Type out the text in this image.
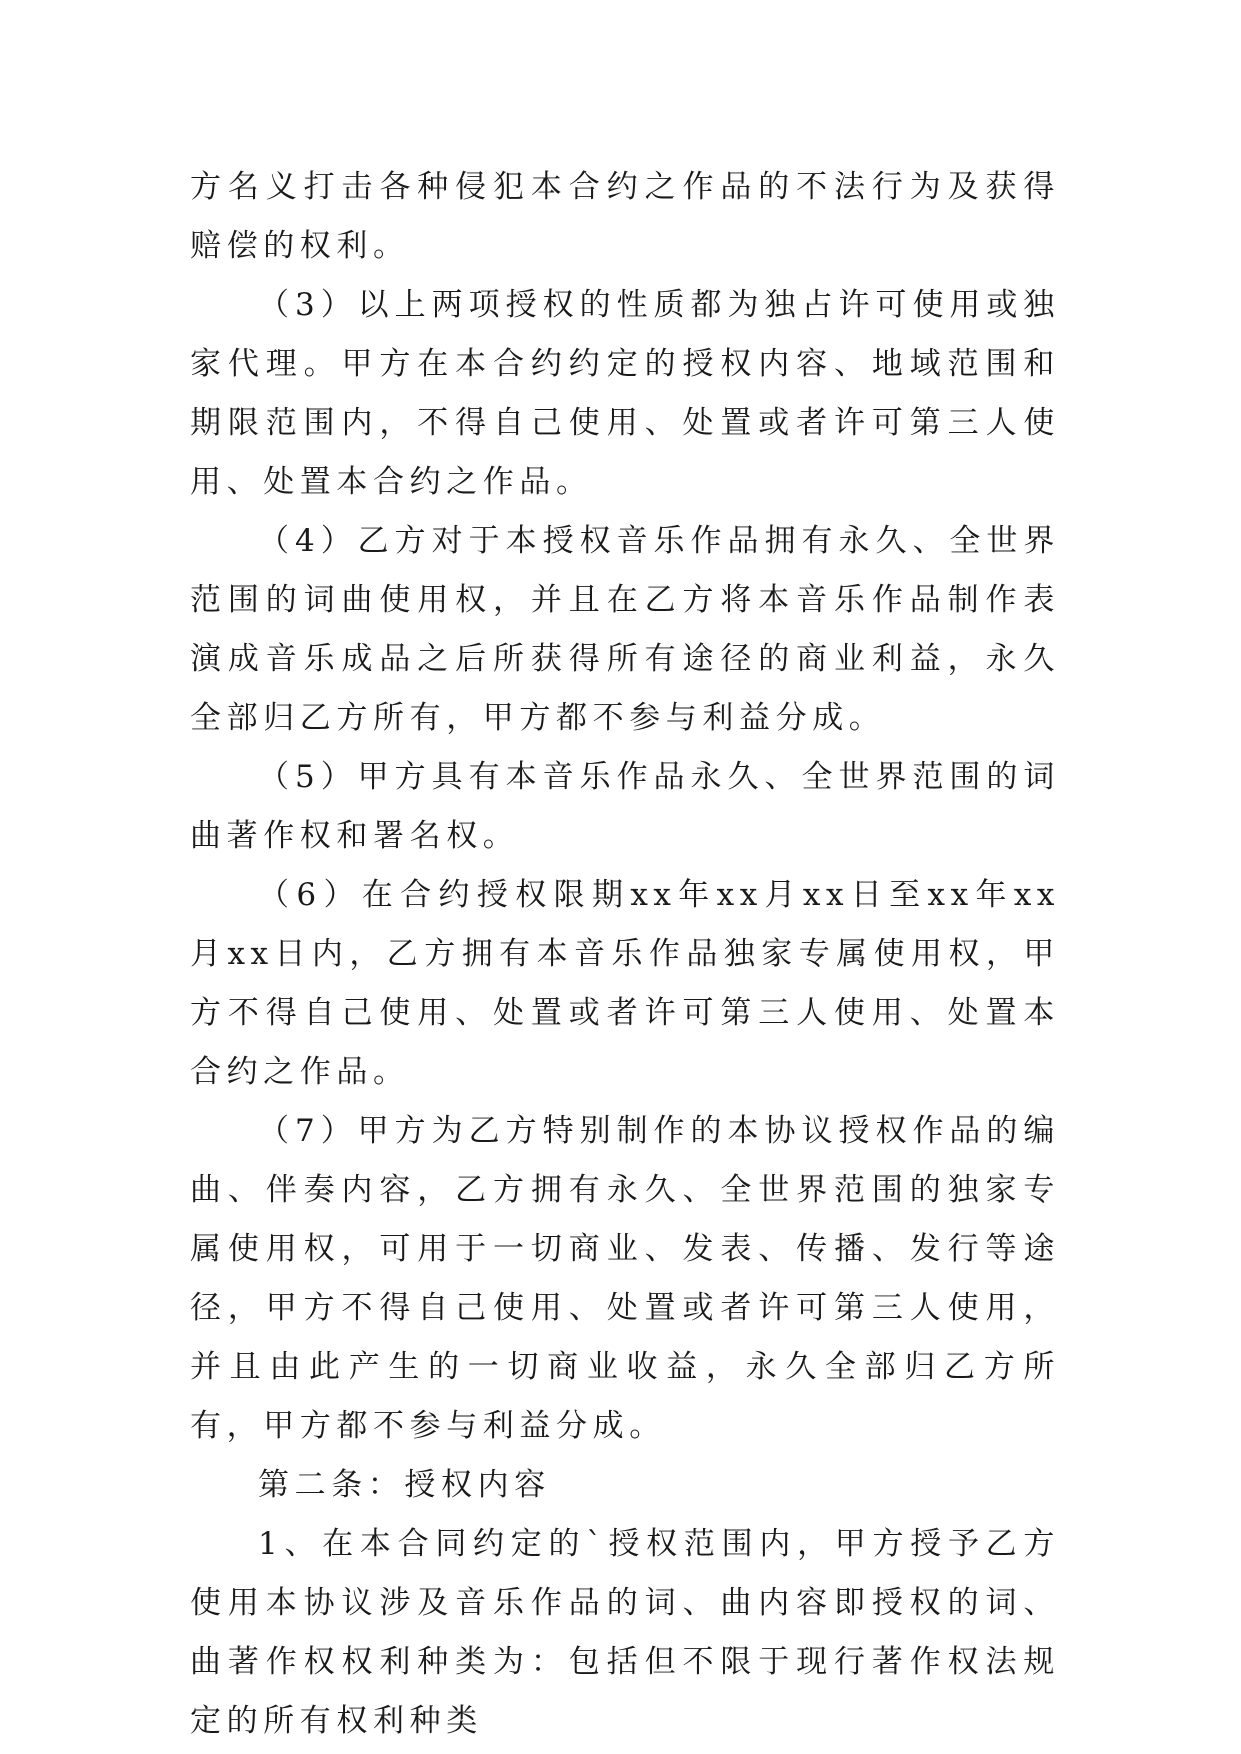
方名义打击各种侵犯本合约之作品的不法行为及获得赔偿的权利。

（3）以上两项授权的性质都为独占许可使用或独家代理。甲方在本合约约定的授权内容、地域范围和期限范围内，不得自己使用、处置或者许可第三人使用、处置本合约之作品。

（4）乙方对于本授权音乐作品拥有永久、全世界范围的词曲使用权，并且在乙方将本音乐作品制作表演成音乐成品之后所获得所有途径的商业利益，永久全部归乙方所有，甲方都不参与利益分成。

（5）甲方具有本音乐作品永久、全世界范围的词曲著作权和署名权。

（6）在合约授权限期xx年xx月xx日至xx年xx月xx日内，乙方拥有本音乐作品独家专属使用权，甲方不得自己使用、处置或者许可第三人使用、处置本合约之作品。

（7）甲方为乙方特别制作的本协议授权作品的编曲、伴奏内容，乙方拥有永久、全世界范围的独家专属使用权，可用于一切商业、发表、传播、发行等途径，甲方不得自己使用、处置或者许可第三人使用，并且由此产生的一切商业收益，永久全部归乙方所有，甲方都不参与利益分成。

第二条：授权内容

1、在本合同约定的`授权范围内，甲方授予乙方使用本协议涉及音乐作品的词、曲内容即授权的词、曲著作权权利种类为：包括但不限于现行著作权法规定的所有权利种类
